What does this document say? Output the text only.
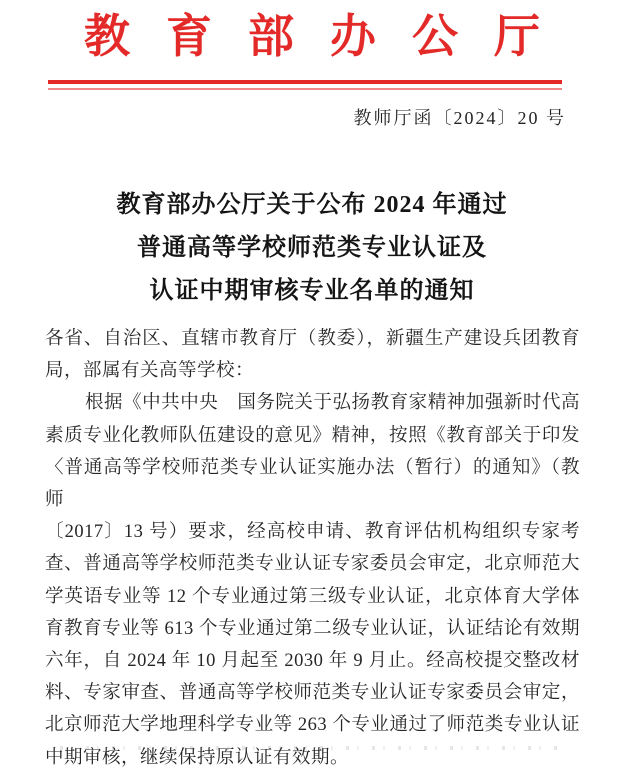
教育部办公厅
教师厅函〔2024〕20 号
教育部办公厅关于公布 2024 年通过
普通高等学校师范类专业认证及
认证中期审核专业名单的通知
各省、自治区、直辖市教育厅（教委），新疆生产建设兵团教育
局，部属有关高等学校：
根据《中共中央　国务院关于弘扬教育家精神加强新时代高
素质专业化教师队伍建设的意见》精神，按照《教育部关于印发
〈普通高等学校师范类专业认证实施办法（暂行）的通知》（教师
〔2017〕13 号）要求，经高校申请、教育评估机构组织专家考
查、普通高等学校师范类专业认证专家委员会审定，北京师范大
学英语专业等 12 个专业通过第三级专业认证，北京体育大学体
育教育专业等 613 个专业通过第二级专业认证，认证结论有效期
六年，自 2024 年 10 月起至 2030 年 9 月止。经高校提交整改材
料、专家审查、普通高等学校师范类专业认证专家委员会审定，
北京师范大学地理科学专业等 263 个专业通过了师范类专业认证
中期审核，继续保持原认证有效期。
